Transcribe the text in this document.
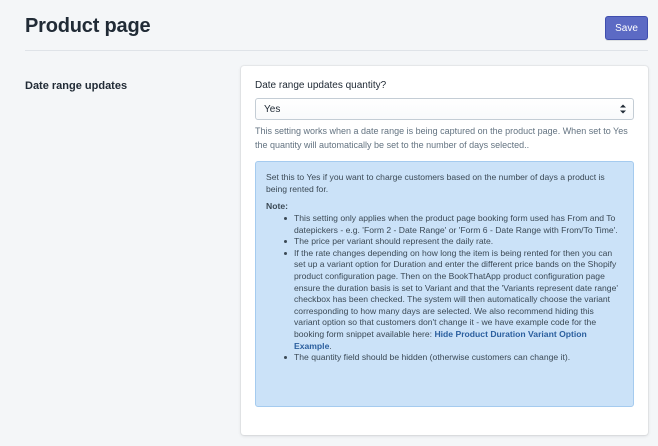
Product page	Save
Date range updates	Date range updates quantity?
Yes
This setting works when a date range is being captured on the product page. When set to Yes the quantity will automatically be set to the number of days selected..
Set this to Yes if you want to charge customers based on the number of days a product is being rented for.
Note:
This setting only applies when the product page booking form used has From and To datepickers - e.g. 'Form 2 - Date Range' or 'Form 6 - Date Range with From/To Time'.
The price per variant should represent the daily rate.
If the rate changes depending on how long the item is being rented for then you can set up a variant option for Duration and enter the different price bands on the Shopify product configuration page. Then on the BookThatApp product configuration page ensure the duration basis is set to Variant and that the 'Variants represent date range' checkbox has been checked. The system will then automatically choose the variant corresponding to how many days are selected. We also recommend hiding this variant option so that customers don't change it - we have example code for the booking form snippet available here: Hide Product Duration Variant Option Example.
The quantity field should be hidden (otherwise customers can change it).
